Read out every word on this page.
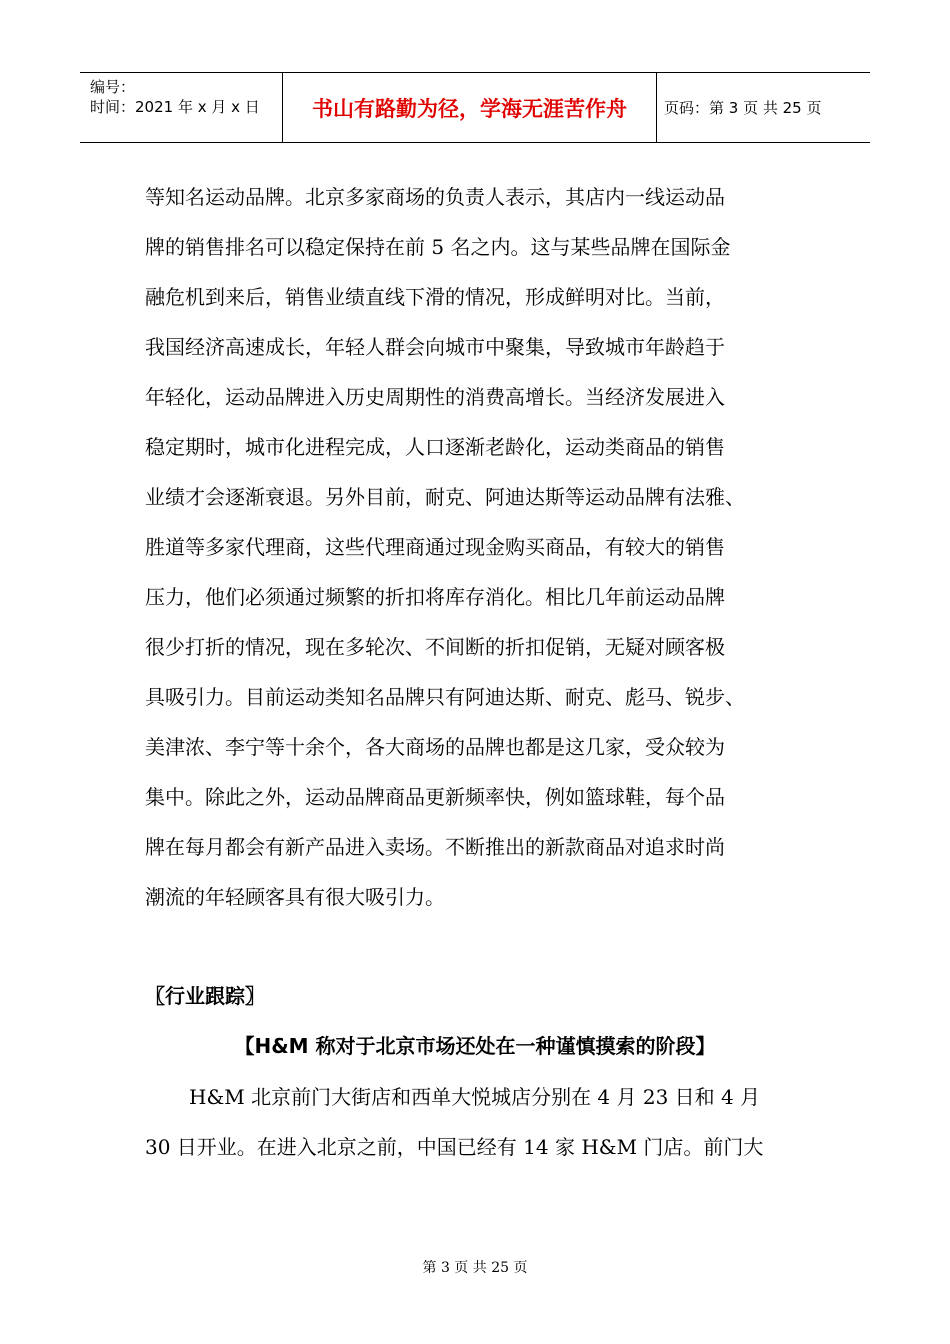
编号：
时间：2021 年 x 月 x 日	书山有路勤为径，学海无涯苦作舟 页码：第 3 页 共 25 页
等知名运动品牌。北京多家商场的负责人表示，其店内一线运动品
牌的销售排名可以稳定保持在前 5 名之内。这与某些品牌在国际金
融危机到来后，销售业绩直线下滑的情况，形成鲜明对比。当前，
我国经济高速成长，年轻人群会向城市中聚集，导致城市年龄趋于
年轻化，运动品牌进入历史周期性的消费高增长。当经济发展进入
稳定期时，城市化进程完成，人口逐渐老龄化，运动类商品的销售
业绩才会逐渐衰退。另外目前，耐克、阿迪达斯等运动品牌有法雅、
胜道等多家代理商，这些代理商通过现金购买商品，有较大的销售
压力，他们必须通过频繁的折扣将库存消化。相比几年前运动品牌
很少打折的情况，现在多轮次、不间断的折扣促销，无疑对顾客极
具吸引力。目前运动类知名品牌只有阿迪达斯、耐克、彪马、锐步、
美津浓、李宁等十余个，各大商场的品牌也都是这几家，受众较为
集中。除此之外，运动品牌商品更新频率快，例如篮球鞋，每个品
牌在每月都会有新产品进入卖场。不断推出的新款商品对追求时尚
潮流的年轻顾客具有很大吸引力。
〖行业跟踪〗
【H&M 称对于北京市场还处在一种谨慎摸索的阶段】
H&M 北京前门大街店和西单大悦城店分别在 4 月 23 日和 4 月
30 日开业。在进入北京之前，中国已经有 14 家 H&M 门店。前门大
第 3 页 共 25 页
